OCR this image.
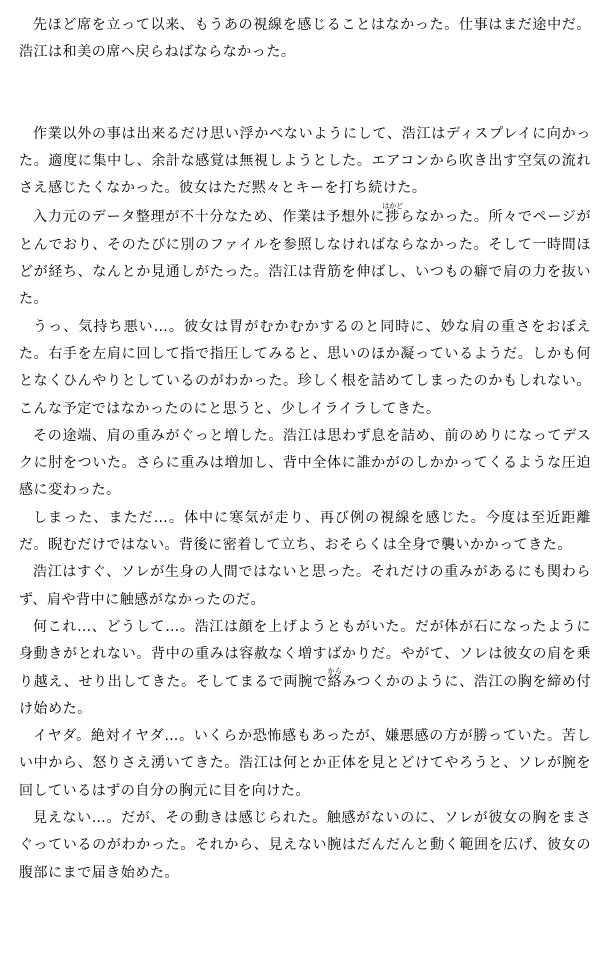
先ほど席を立って以来、もうあの視線を感じることはなかった。仕事はまだ途中だ。浩江は和美の席へ戻らねばならなかった。

作業以外の事は出来るだけ思い浮かべないようにして、浩江はディスプレイに向かった。適度に集中し、余計な感覚は無視しようとした。エアコンから吹き出す空気の流れさえ感じたくなかった。彼女はただ黙々とキーを打ち続けた。

入力元のデータ整理が不十分なため、作業は予想外に捗はかどらなかった。所々でページがとんでおり、そのたびに別のファイルを参照しなければならなかった。そして一時間ほどが経ち、なんとか見通しがたった。浩江は背筋を伸ばし、いつもの癖で肩の力を抜いた。

うっ、気持ち悪い…。彼女は胃がむかむかするのと同時に、妙な肩の重さをおぼえた。右手を左肩に回して指で指圧してみると、思いのほか凝っているようだ。しかも何となくひんやりとしているのがわかった。珍しく根を詰めてしまったのかもしれない。こんな予定ではなかったのにと思うと、少しイライラしてきた。

その途端、肩の重みがぐっと増した。浩江は思わず息を詰め、前のめりになってデスクに肘をついた。さらに重みは増加し、背中全体に誰かがのしかかってくるような圧迫感に変わった。

しまった、まただ…。体中に寒気が走り、再び例の視線を感じた。今度は至近距離だ。睨むだけではない。背後に密着して立ち、おそらくは全身で襲いかかってきた。

浩江はすぐ、ソレが生身の人間ではないと思った。それだけの重みがあるにも関わらず、肩や背中に触感がなかったのだ。

何これ…、どうして…。浩江は顔を上げようともがいた。だが体が石になったように身動きがとれない。背中の重みは容赦なく増すばかりだ。やがて、ソレは彼女の肩を乗り越え、せり出してきた。そしてまるで両腕で絡からみつくかのように、浩江の胸を締め付け始めた。

イヤダ。絶対イヤダ…。いくらか恐怖感もあったが、嫌悪感の方が勝っていた。苦しい中から、怒りさえ湧いてきた。浩江は何とか正体を見とどけてやろうと、ソレが腕を回しているはずの自分の胸元に目を向けた。

見えない…。だが、その動きは感じられた。触感がないのに、ソレが彼女の胸をまさぐっているのがわかった。それから、見えない腕はだんだんと動く範囲を広げ、彼女の腹部にまで届き始めた。
